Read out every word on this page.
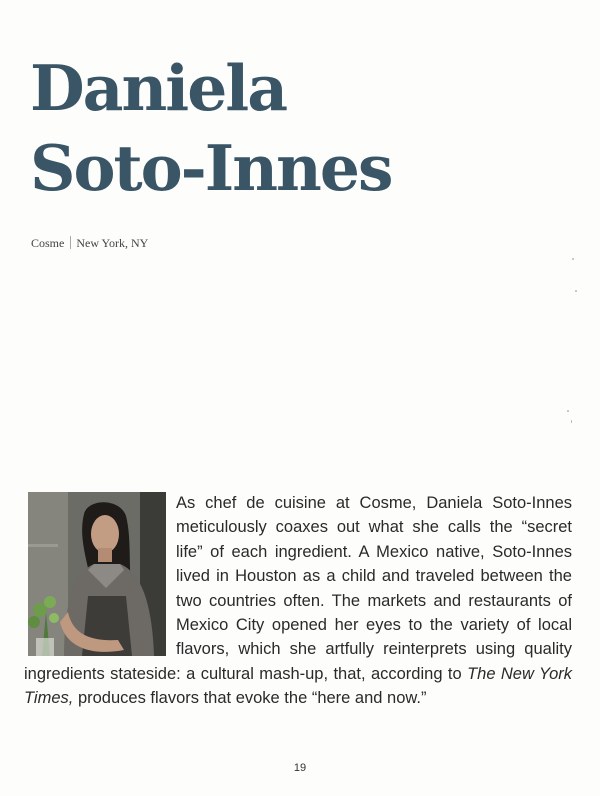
Daniela
Soto-Innes
Cosme New York, NY

As chef de cuisine at Cosme, Daniela Soto-Innes meticulously coaxes out what she calls the “secret life” of each ingredient. A Mexico native, Soto-Innes lived in Houston as a child and traveled between the two countries often. The markets and restaurants of Mexico City opened her eyes to the variety of local flavors, which she artfully reinterprets using quality ingredients stateside: a cultural mash-up, that, according to The New York Times, produces flavors that evoke the “here and now.”

19
